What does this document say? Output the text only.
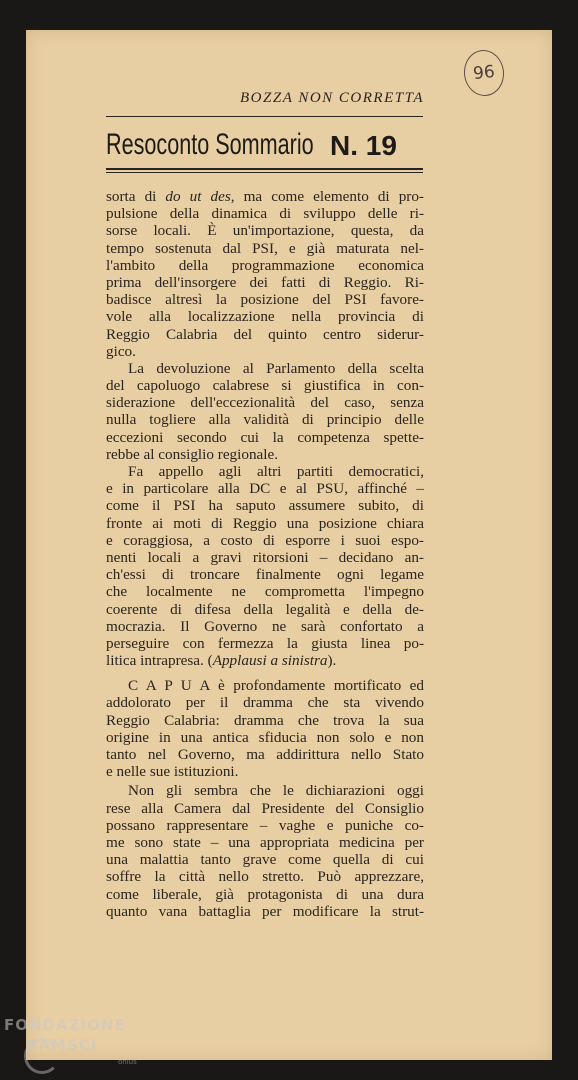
96
BOZZA NON CORRETTA
Resoconto Sommario N. 19
sorta di do ut des, ma come elemento di pro-
pulsione della dinamica di sviluppo delle ri-
sorse locali. È un'importazione, questa, da
tempo sostenuta dal PSI, e già maturata nel-
l'ambito della programmazione economica
prima dell'insorgere dei fatti di Reggio. Ri-
badisce altresì la posizione del PSI favore-
vole alla localizzazione nella provincia di
Reggio Calabria del quinto centro siderur-
gico.
La devoluzione al Parlamento della scelta
del capoluogo calabrese si giustifica in con-
siderazione dell'eccezionalità del caso, senza
nulla togliere alla validità di principio delle
eccezioni secondo cui la competenza spette-
rebbe al consiglio regionale.
Fa appello agli altri partiti democratici,
e in particolare alla DC e al PSU, affinché –
come il PSI ha saputo assumere subito, di
fronte ai moti di Reggio una posizione chiara
e coraggiosa, a costo di esporre i suoi espo-
nenti locali a gravi ritorsioni – decidano an-
ch'essi di troncare finalmente ogni legame
che localmente ne comprometta l'impegno
coerente di difesa della legalità e della de-
mocrazia. Il Governo ne sarà confortato a
perseguire con fermezza la giusta linea po-
litica intrapresa. (Applausi a sinistra).
C A P U A è profondamente mortificato ed
addolorato per il dramma che sta vivendo
Reggio Calabria: dramma che trova la sua
origine in una antica sfiducia non solo e non
tanto nel Governo, ma addirittura nello Stato
e nelle sue istituzioni.
Non gli sembra che le dichiarazioni oggi
rese alla Camera dal Presidente del Consiglio
possano rappresentare – vaghe e puniche co-
me sono state – una appropriata medicina per
una malattia tanto grave come quella di cui
soffre la città nello stretto. Può apprezzare,
come liberale, già protagonista di una dura
quanto vana battaglia per modificare la strut-
FONDAZIONE
RAMSCI
onlus
